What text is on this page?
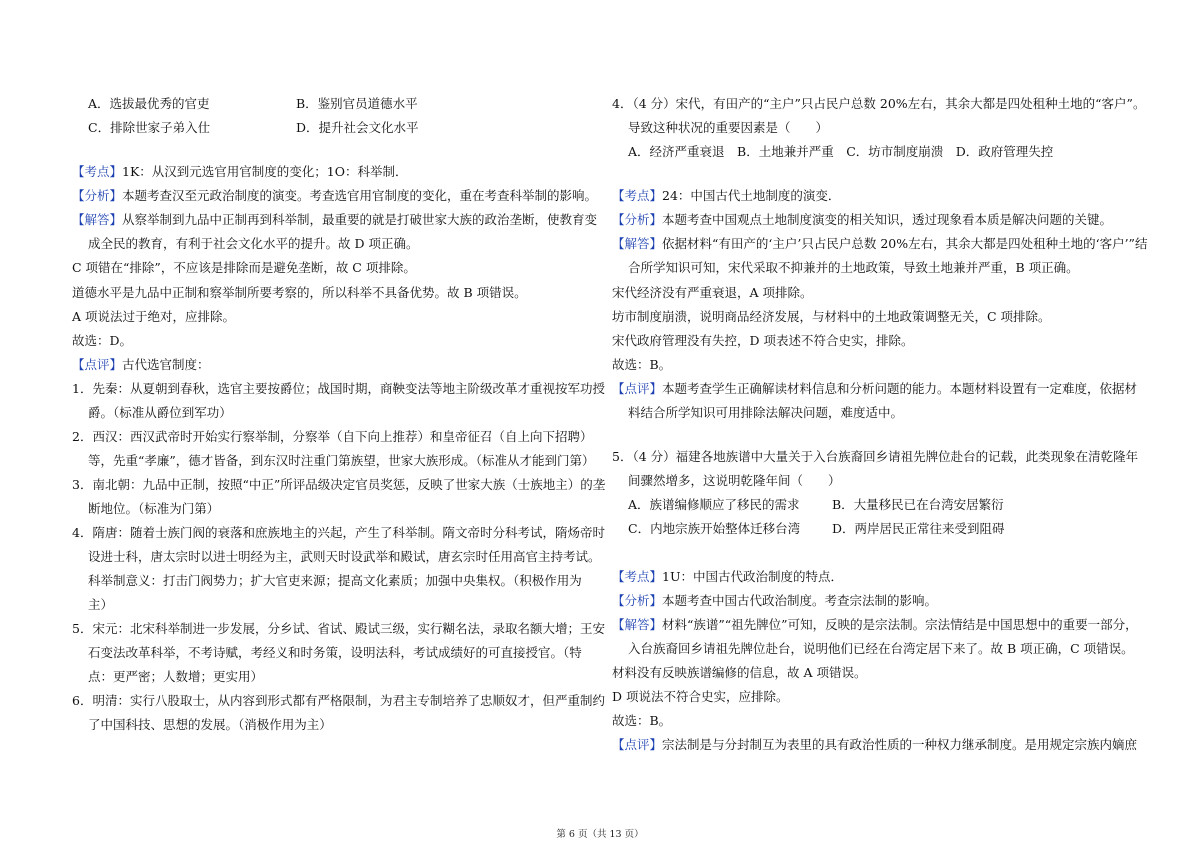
A．选拔最优秀的官吏	B．鉴别官员道德水平
C．排除世家子弟入仕	D．提升社会文化水平
【考点】1K：从汉到元选官用官制度的变化；1O：科举制．
【分析】本题考查汉至元政治制度的演变。考查选官用官制度的变化，重在考查科举制的影响。
【解答】从察举制到九品中正制再到科举制，最重要的就是打破世家大族的政治垄断，使教育变
成全民的教育，有利于社会文化水平的提升。故 D 项正确。
C 项错在“排除”，不应该是排除而是避免垄断，故 C 项排除。
道德水平是九品中正制和察举制所要考察的，所以科举不具备优势。故 B 项错误。
A 项说法过于绝对，应排除。
故选：D。
【点评】古代选官制度：
1．先秦：从夏朝到春秋，选官主要按爵位；战国时期，商鞅变法等地主阶级改革才重视按军功授
爵。（标准从爵位到军功）
2．西汉：西汉武帝时开始实行察举制，分察举（自下向上推荐）和皇帝征召（自上向下招聘）
等，先重“孝廉”，德才皆备，到东汉时注重门第族望，世家大族形成。（标准从才能到门第）
3．南北朝：九品中正制，按照“中正”所评品级决定官员奖惩，反映了世家大族（士族地主）的垄
断地位。（标准为门第）
4．隋唐：随着士族门阀的衰落和庶族地主的兴起，产生了科举制。隋文帝时分科考试，隋炀帝时
设进士科，唐太宗时以进士明经为主，武则天时设武举和殿试，唐玄宗时任用高官主持考试。
科举制意义：打击门阀势力；扩大官吏来源；提高文化素质；加强中央集权。（积极作用为
主）
5．宋元：北宋科举制进一步发展，分乡试、省试、殿试三级，实行糊名法，录取名额大增；王安
石变法改革科举，不考诗赋，考经义和时务策，设明法科，考试成绩好的可直接授官。（特
点：更严密；人数增；更实用）
6．明清：实行八股取士，从内容到形式都有严格限制，为君主专制培养了忠顺奴才，但严重制约
了中国科技、思想的发展。（消极作用为主）
4．（4 分）宋代，有田产的“主户”只占民户总数 20%左右，其余大都是四处租种土地的“客户”。
导致这种状况的重要因素是（　　）
A．经济严重衰退　B．土地兼并严重　C．坊市制度崩溃　D．政府管理失控
【考点】24：中国古代土地制度的演变．
【分析】本题考查中国观点土地制度演变的相关知识，透过现象看本质是解决问题的关键。
【解答】依据材料“有田产的‘主户’只占民户总数 20%左右，其余大都是四处租种土地的‘客户’”结
合所学知识可知，宋代采取不抑兼并的土地政策，导致土地兼并严重，B 项正确。
宋代经济没有严重衰退，A 项排除。
坊市制度崩溃，说明商品经济发展，与材料中的土地政策调整无关，C 项排除。
宋代政府管理没有失控，D 项表述不符合史实，排除。
故选：B。
【点评】本题考查学生正确解读材料信息和分析问题的能力。本题材料设置有一定难度，依据材
料结合所学知识可用排除法解决问题，难度适中。
5．（4 分）福建各地族谱中大量关于入台族裔回乡请祖先牌位赴台的记载，此类现象在清乾隆年
间骤然增多，这说明乾隆年间（　　）
A．族谱编修顺应了移民的需求	B．大量移民已在台湾安居繁衍
C．内地宗族开始整体迁移台湾	D．两岸居民正常往来受到阻碍
【考点】1U：中国古代政治制度的特点．
【分析】本题考查中国古代政治制度。考查宗法制的影响。
【解答】材料“族谱”“祖先牌位”可知，反映的是宗法制。宗法情结是中国思想中的重要一部分，
入台族裔回乡请祖先牌位赴台，说明他们已经在台湾定居下来了。故 B 项正确，C 项错误。
材料没有反映族谱编修的信息，故 A 项错误。
D 项说法不符合史实，应排除。
故选：B。
【点评】宗法制是与分封制互为表里的具有政治性质的一种权力继承制度。是用规定宗族内嫡庶
第 6 页（共 13 页）
